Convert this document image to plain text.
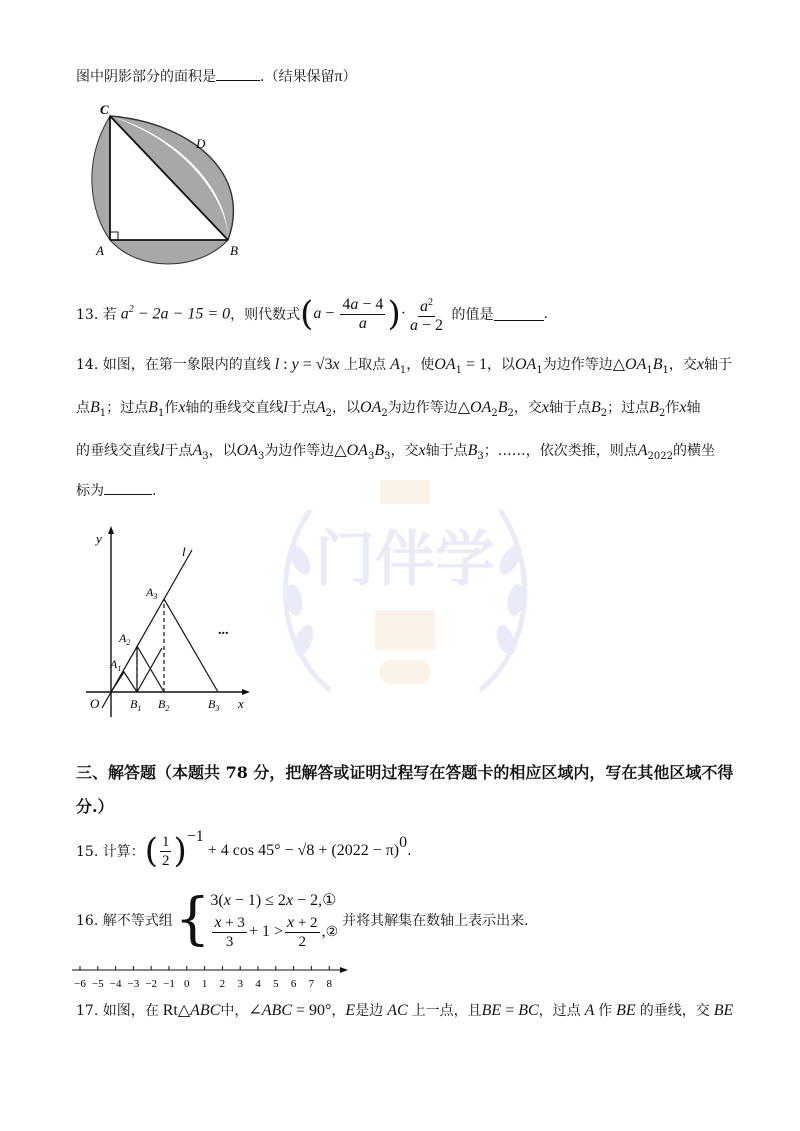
门伴学
图中阴影部分的面积是	.（结果保留π）
C
D
A	B
13. 若 $a^2 - 2a - 15 = 0$ ，则代数式 ( $a - \frac{4a - 4}{a}$ ) · $\frac{a^2}{a - 2}$
的值是	.
14. 如图，在第一象限内的直线 l : y = √3x 上取点 $A_1$，使$OA_1 = 1$，以$OA_1$为边作等边$\triangle OA_1B_1$，交x轴于
点$B_1$；过点$B_1$作x轴的垂线交直线l于点$A_2$，以$OA_2$为边作等边$\triangle OA_2B_2$，交x轴于点$B_2$；过点$B_2$作x轴
的垂线交直线l于点$A_3$，以$OA_3$为边作等边$\triangle OA_3B_3$，交x轴于点$B_3$；……，依次类推，则点$A_{2022}$的横坐
标为	.
y
x
O
l
$A_1$
$A_2$
$A_3$
$B_1$ $B_2$	$B_3$
...
三、解答题（本题共 78 分，把解答或证明过程写在答题卡的相应区域内，写在其他区域不得
分.）
15. 计算： ( $\frac{1}{2} )^{-1}$
+ 4 $\cos 45^\circ - √8 + (2022 - \pi)^0$ .
16. 解不等式组 { 3(x − 1) ≤ 2x − 2,①
$\frac{x + 3}{3} + 1 > \frac{x + 2}{2}$ , ②
并将其解集在数轴上表示出来.
−6 −5 −4 −3 −2 −1 0 1 2 3 4 5 6 7 8
17. 如图，在 Rt△ABC中，∠ABC = 90°，E是边 AC 上一点，且BE = BC，过点 A 作 BE 的垂线，交 BE
